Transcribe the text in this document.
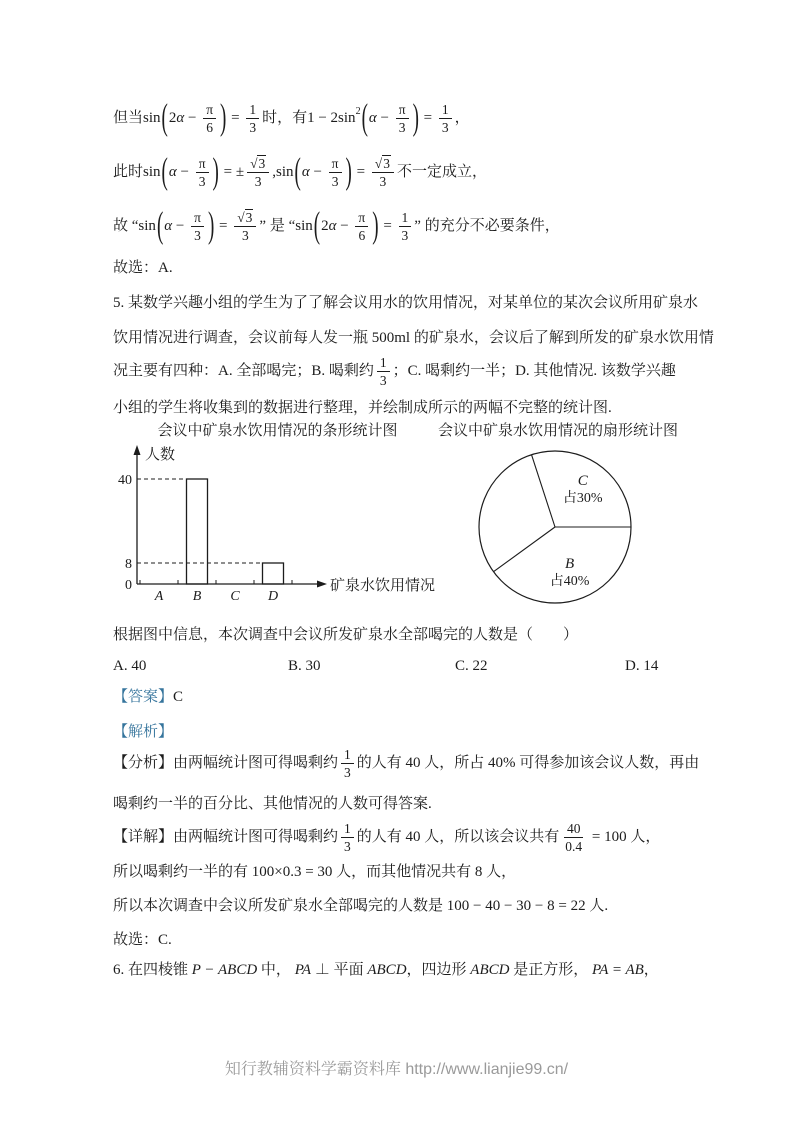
但当 sin ( 2 $\alpha - \frac{\pi}{6}$ ) = $\frac{1}{3}$ 时，有 1 − 2sin 2 ( $\alpha - \frac{\pi}{3}$ ) = $\frac{1}{3}$ ，
此时 sin ( $\alpha - \frac{\pi}{3}$ ) = ± $\frac{√ 3}{3}$ , sin ( $\alpha - \frac{\pi}{3}$ ) = $\frac{√ 3}{3}$ 不一定成立，
故 “ sin ( $\alpha - \frac{\pi}{3}$ ) = $\frac{√ 3}{3}$ ” 是 “ sin ( 2 $\alpha - \frac{\pi}{6}$ ) = $\frac{1}{3}$ ” 的充分不必要条件，
故选：A.
5. 某数学兴趣小组的学生为了了解会议用水的饮用情况，对某单位的某次会议所用矿泉水
饮用情况进行调查，会议前每人发一瓶 500ml 的矿泉水，会议后了解到所发的矿泉水饮用情
况主要有四种：A. 全部喝完；B. 喝剩约 $\frac{1}{3}$ ；C. 喝剩约一半；D. 其他情况. 该数学兴趣
小组的学生将收集到的数据进行整理，并绘制成所示的两幅不完整的统计图.
会议中矿泉水饮用情况的条形统计图
人数
40
8
0
A B C D
矿泉水饮用情况
会议中矿泉水饮用情况的扇形统计图
C
占30%
B
占40%
根据图中信息，本次调查中会议所发矿泉水全部喝完的人数是（　　）
A. 40	B. 30	C. 22	D. 14
【答案】C
【解析】
【分析】由两幅统计图可得喝剩约 $\frac{1}{3}$ 的人有 40 人，所占 40% 可得参加该会议人数，再由
喝剩约一半的百分比、其他情况的人数可得答案.
【详解】由两幅统计图可得喝剩约 $\frac{1}{3}$ 的人有 40 人，所以该会议共有 $\frac{40}{0.4} = 100$ 人，
所以喝剩约一半的有 100×0.3 = 30 人，而其他情况共有 8 人，
所以本次调查中会议所发矿泉水全部喝完的人数是 100 − 40 − 30 − 8 = 22 人.
故选：C.
6. 在四棱锥 P − ABCD 中， PA ⊥ 平面 ABCD ，四边形 ABCD 是正方形， PA = AB ，
知行教辅资料学霸资料库 http://www.lianjie99.cn/
